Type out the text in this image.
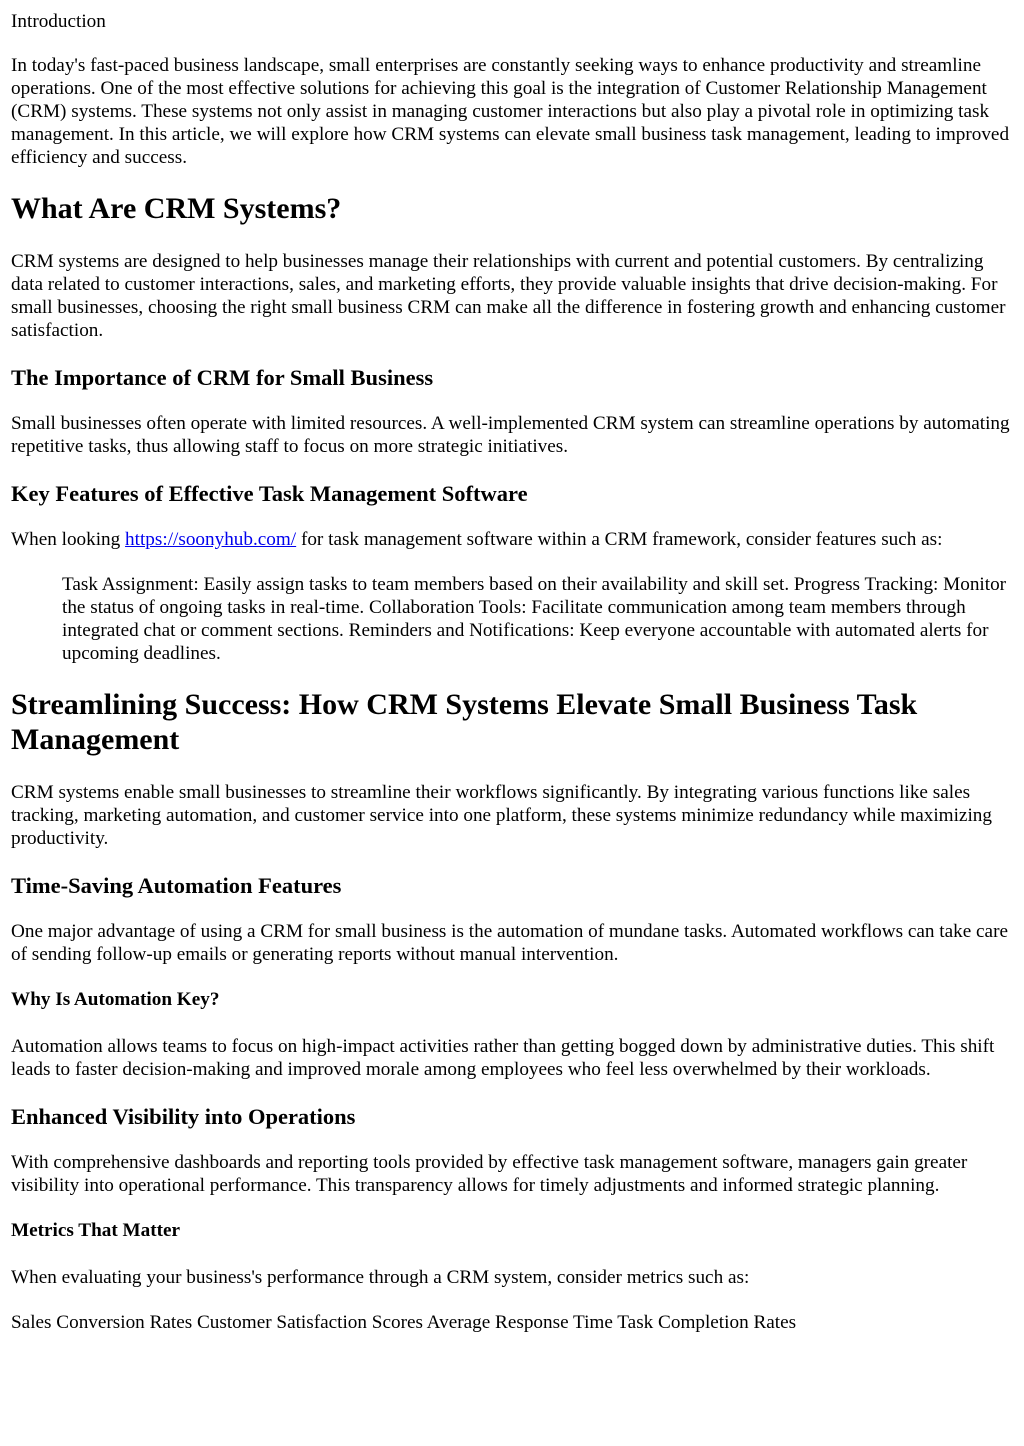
Introduction

In today's fast-paced business landscape, small enterprises are constantly seeking ways to enhance productivity and streamline operations. One of the most effective solutions for achieving this goal is the integration of Customer Relationship Management (CRM) systems. These systems not only assist in managing customer interactions but also play a pivotal role in optimizing task management. In this article, we will explore how CRM systems can elevate small business task management, leading to improved efficiency and success.

What Are CRM Systems?

CRM systems are designed to help businesses manage their relationships with current and potential customers. By centralizing data related to customer interactions, sales, and marketing efforts, they provide valuable insights that drive decision-making. For small businesses, choosing the right small business CRM can make all the difference in fostering growth and enhancing customer satisfaction.

The Importance of CRM for Small Business

Small businesses often operate with limited resources. A well-implemented CRM system can streamline operations by automating repetitive tasks, thus allowing staff to focus on more strategic initiatives.

Key Features of Effective Task Management Software

When looking https://soonyhub.com/ for task management software within a CRM framework, consider features such as:

Task Assignment: Easily assign tasks to team members based on their availability and skill set. Progress Tracking: Monitor the status of ongoing tasks in real-time. Collaboration Tools: Facilitate communication among team members through integrated chat or comment sections. Reminders and Notifications: Keep everyone accountable with automated alerts for upcoming deadlines.
Streamlining Success: How CRM Systems Elevate Small Business Task Management

CRM systems enable small businesses to streamline their workflows significantly. By integrating various functions like sales tracking, marketing automation, and customer service into one platform, these systems minimize redundancy while maximizing productivity.

Time-Saving Automation Features

One major advantage of using a CRM for small business is the automation of mundane tasks. Automated workflows can take care of sending follow-up emails or generating reports without manual intervention.

Why Is Automation Key?

Automation allows teams to focus on high-impact activities rather than getting bogged down by administrative duties. This shift leads to faster decision-making and improved morale among employees who feel less overwhelmed by their workloads.

Enhanced Visibility into Operations

With comprehensive dashboards and reporting tools provided by effective task management software, managers gain greater visibility into operational performance. This transparency allows for timely adjustments and informed strategic planning.

Metrics That Matter

When evaluating your business's performance through a CRM system, consider metrics such as:

Sales Conversion Rates Customer Satisfaction Scores Average Response Time Task Completion Rates
